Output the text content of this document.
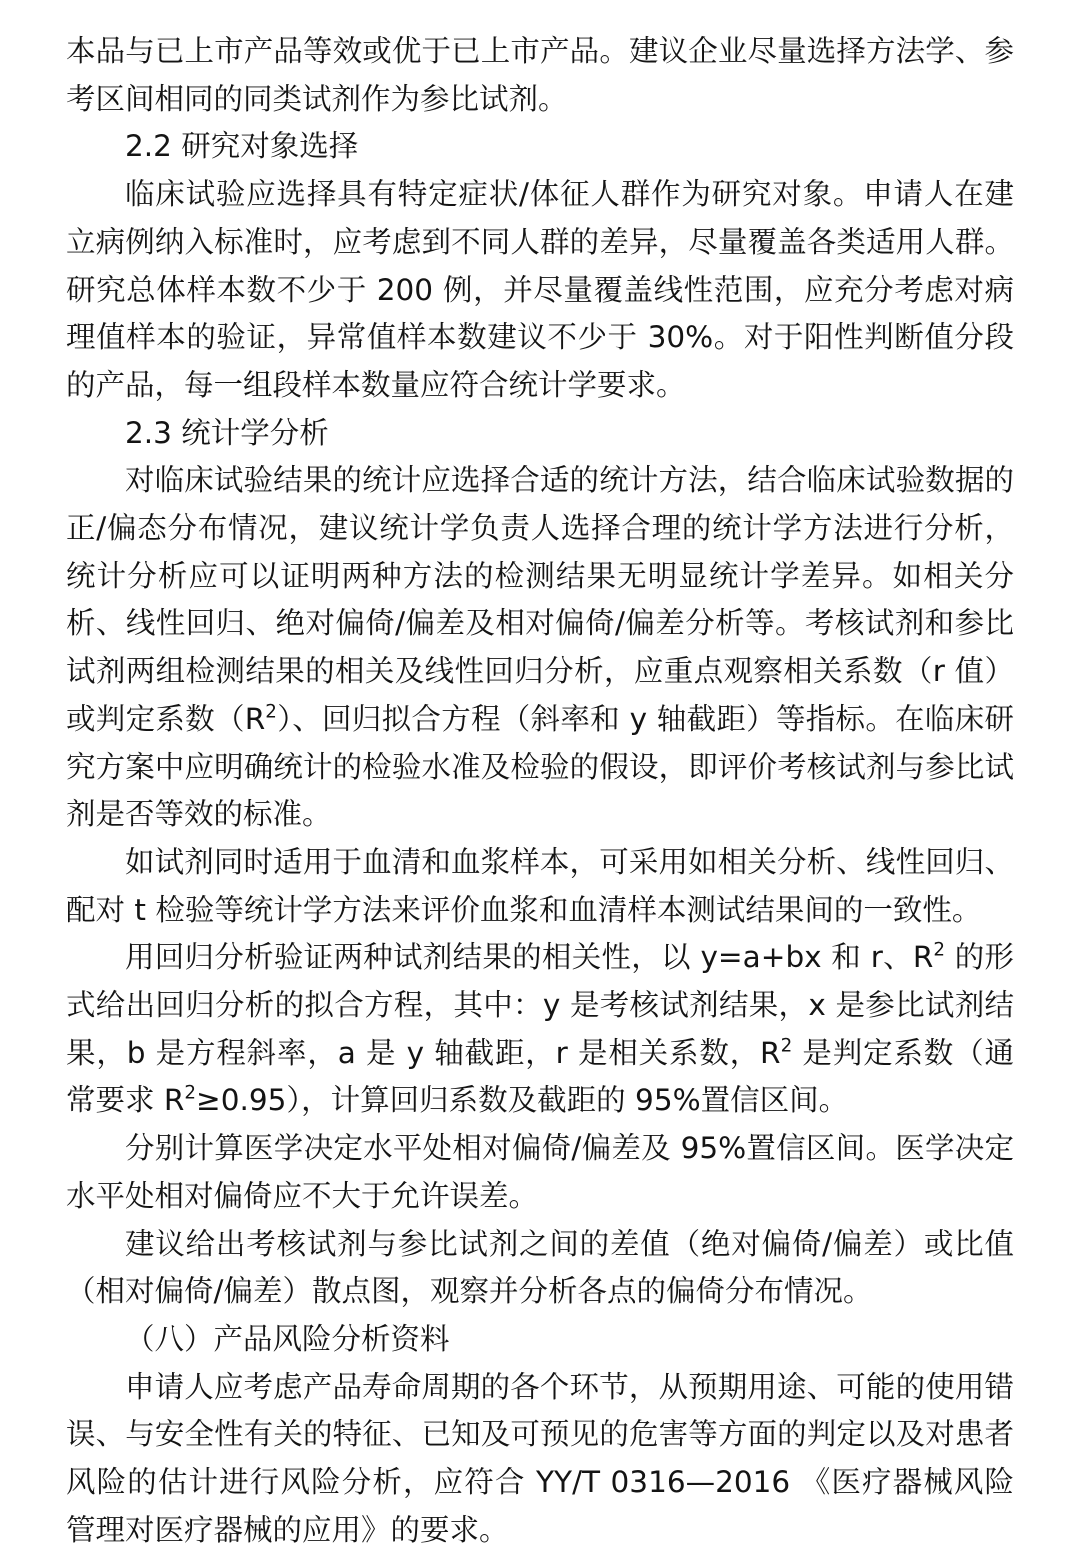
本品与已上市产品等效或优于已上市产品。建议企业尽量选择方法学、参考区间相同的同类试剂作为参比试剂。

2.2 研究对象选择

临床试验应选择具有特定症状/体征人群作为研究对象。申请人在建立病例纳入标准时，应考虑到不同人群的差异，尽量覆盖各类适用人群。研究总体样本数不少于 200 例，并尽量覆盖线性范围，应充分考虑对病理值样本的验证，异常值样本数建议不少于 30%。对于阳性判断值分段的产品，每一组段样本数量应符合统计学要求。

2.3 统计学分析

对临床试验结果的统计应选择合适的统计方法，结合临床试验数据的正/偏态分布情况，建议统计学负责人选择合理的统计学方法进行分析，统计分析应可以证明两种方法的检测结果无明显统计学差异。如相关分析、线性回归、绝对偏倚/偏差及相对偏倚/偏差分析等。考核试剂和参比试剂两组检测结果的相关及线性回归分析，应重点观察相关系数（r 值）或判定系数$(R^2)$、回归拟合方程（斜率和 y 轴截距）等指标。在临床研究方案中应明确统计的检验水准及检验的假设，即评价考核试剂与参比试剂是否等效的标准。

如试剂同时适用于血清和血浆样本，可采用如相关分析、线性回归、配对 t 检验等统计学方法来评价血浆和血清样本测试结果间的一致性。

用回归分析验证两种试剂结果的相关性，以 y=a+bx 和 r、$R^2$ 的形式给出回归分析的拟合方程，其中：y 是考核试剂结果，x 是参比试剂结果，b 是方程斜率，a 是 y 轴截距，r 是相关系数，$R^2$ 是判定系数（通常要求 $R^2\ge 0.95$），计算回归系数及截距的 95%置信区间。

分别计算医学决定水平处相对偏倚/偏差及 95%置信区间。医学决定水平处相对偏倚应不大于允许误差。

建议给出考核试剂与参比试剂之间的差值（绝对偏倚/偏差）或比值（相对偏倚/偏差）散点图，观察并分析各点的偏倚分布情况。

（八）产品风险分析资料

申请人应考虑产品寿命周期的各个环节，从预期用途、可能的使用错误、与安全性有关的特征、已知及可预见的危害等方面的判定以及对患者风险的估计进行风险分析，应符合 YY/T 0316—2016 《医疗器械风险管理对医疗器械的应用》的要求。
